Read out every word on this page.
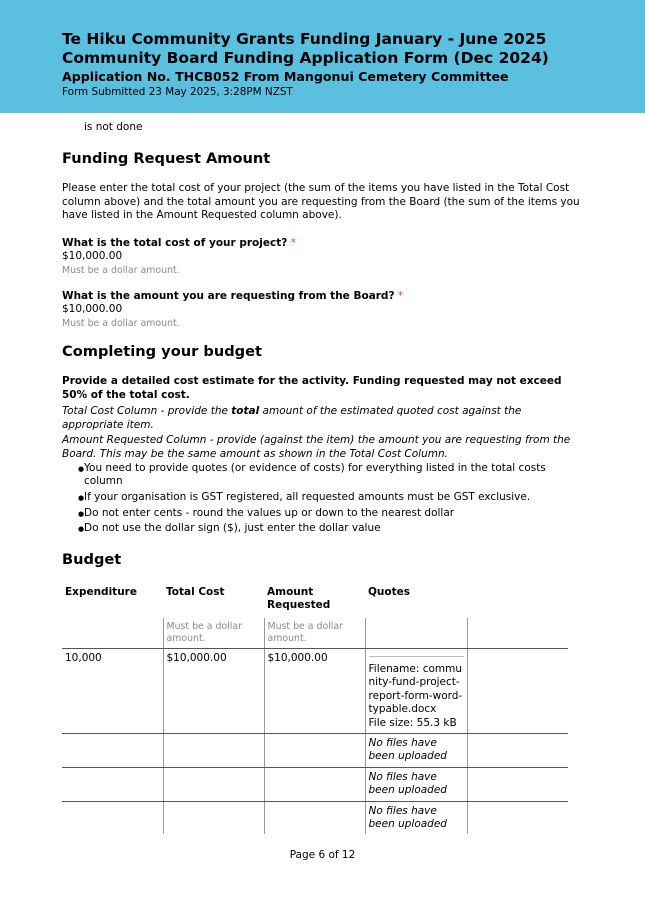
Te Hiku Community Grants Funding January - June 2025
Community Board Funding Application Form (Dec 2024)
Application No. THCB052 From Mangonui Cemetery Committee
Form Submitted 23 May 2025, 3:28PM NZST
is not done
Funding Request Amount
Please enter the total cost of your project (the sum of the items you have listed in the Total Cost column above) and the total amount you are requesting from the Board (the sum of the items you have listed in the Amount Requested column above).
What is the total cost of your project? *
$10,000.00
Must be a dollar amount.
What is the amount you are requesting from the Board? *
$10,000.00
Must be a dollar amount.
Completing your budget
Provide a detailed cost estimate for the activity. Funding requested may not exceed 50% of the total cost.
Total Cost Column - provide the total amount of the estimated quoted cost against the appropriate item.
Amount Requested Column - provide (against the item) the amount you are requesting from the Board. This may be the same amount as shown in the Total Cost Column.
● You need to provide quotes (or evidence of costs) for everything listed in the total costs column
● If your organisation is GST registered, all requested amounts must be GST exclusive.
● Do not enter cents - round the values up or down to the nearest dollar
● Do not use the dollar sign ($), just enter the dollar value
Budget
Expenditure	Total Cost	Amount Requested	Quotes	
	Must be a dollar amount.	Must be a dollar amount.		
10,000	$10,000.00	$10,000.00	Filename: community-fund-project-report-form-word-typable.docx
File size: 55.3 kB	

			No files have been uploaded	
			No files have been uploaded	
			No files have been uploaded	
Page 6 of 12
